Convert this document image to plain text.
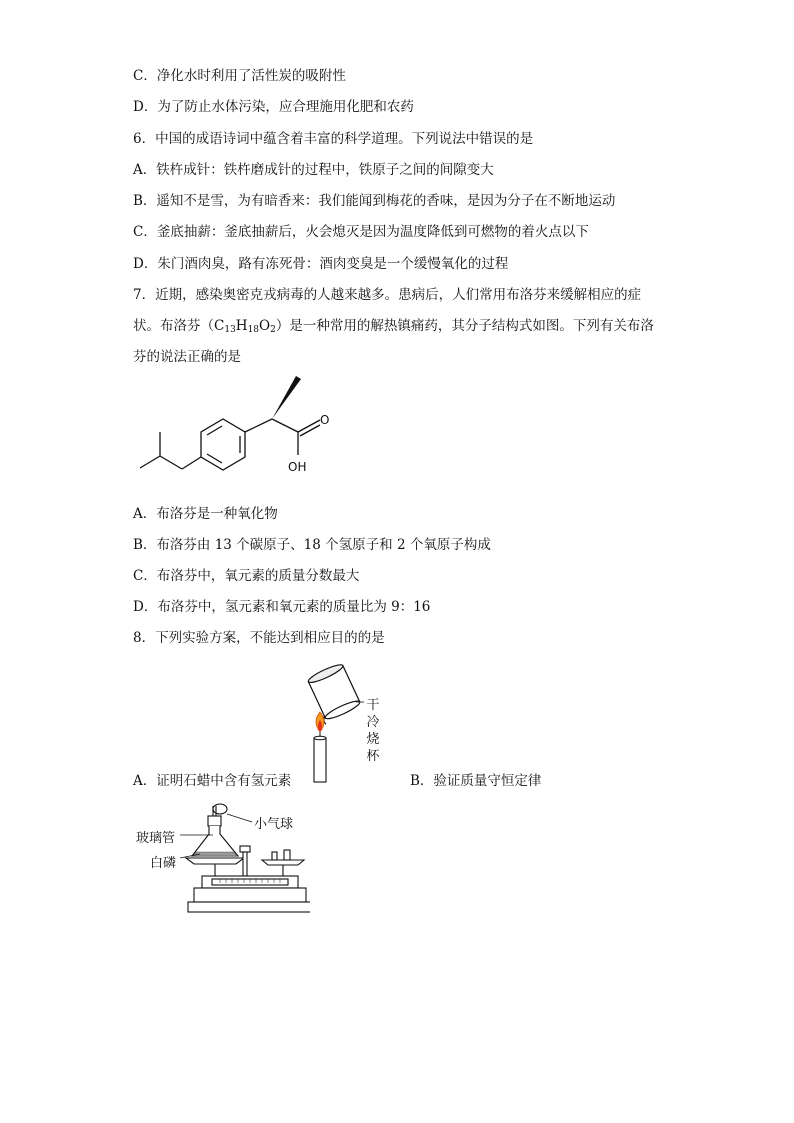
C．净化水时利用了活性炭的吸附性
D．为了防止水体污染，应合理施用化肥和农药
6．中国的成语诗词中蕴含着丰富的科学道理。下列说法中错误的是
A．铁杵成针：铁杵磨成针的过程中，铁原子之间的间隙变大
B．遥知不是雪，为有暗香来：我们能闻到梅花的香味，是因为分子在不断地运动
C．釜底抽薪：釜底抽薪后，火会熄灭是因为温度降低到可燃物的着火点以下
D．朱门酒肉臭，路有冻死骨：酒肉变臭是一个缓慢氧化的过程
7．近期，感染奥密克戎病毒的人越来越多。患病后，人们常用布洛芬来缓解相应的症
状。布洛芬$(C_{13}H_{18}O_2)$是一种常用的解热镇痛药，其分子结构式如图。下列有关布洛
芬的说法正确的是
O
OH
A．布洛芬是一种氧化物
B．布洛芬由 13 个碳原子、18 个氢原子和 2 个氧原子构成
C．布洛芬中，氧元素的质量分数最大
D．布洛芬中，氢元素和氧元素的质量比为 9：16
8．下列实验方案，不能达到相应目的的是
干冷烧杯
A．证明石蜡中含有氢元素	B．验证质量守恒定律
小气球
玻璃管
白磷
